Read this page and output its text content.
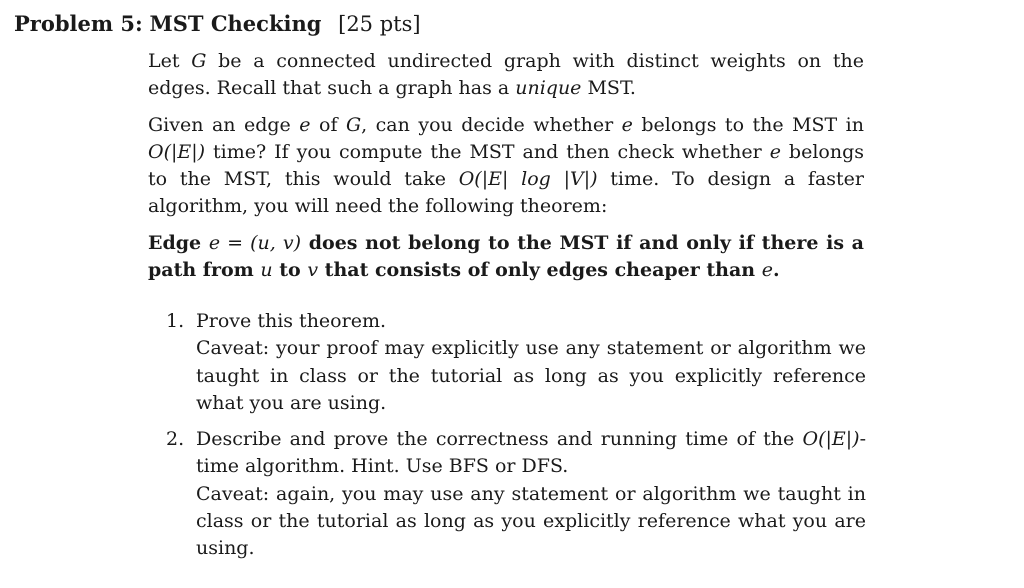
Problem 5: MST Checking [25 pts]
Let G be a connected undirected graph with distinct weights on the edges. Recall that such a graph has a unique MST.
Given an edge e of G, can you decide whether e belongs to the MST in O(|E|) time? If you compute the MST and then check whether e belongs to the MST, this would take O(|E| log |V|) time. To design a faster algorithm, you will need the following theorem:
Edge e = (u, v) does not belong to the MST if and only if there is a path from u to v that consists of only edges cheaper than e.
1. Prove this theorem.
Caveat: your proof may explicitly use any statement or algorithm we taught in class or the tutorial as long as you explicitly reference what you are using.
2. Describe and prove the correctness and running time of the O(|E|)-time algorithm. Hint. Use BFS or DFS.
Caveat: again, you may use any statement or algorithm we taught in class or the tutorial as long as you explicitly reference what you are using.
